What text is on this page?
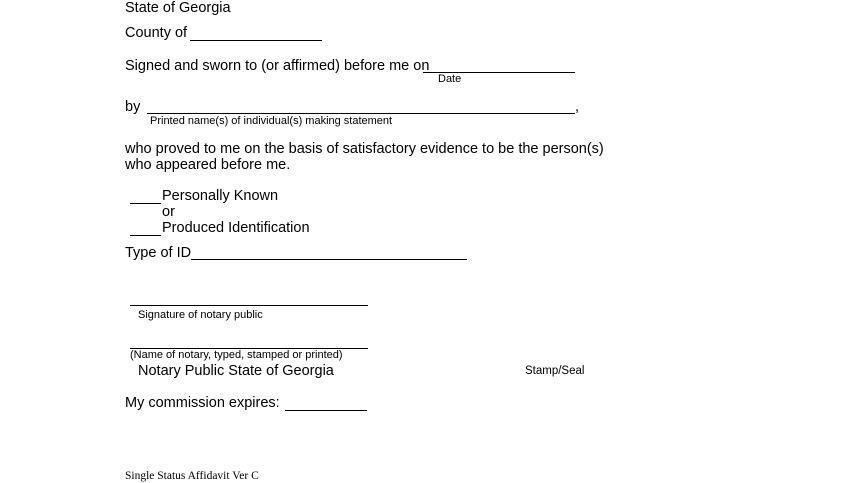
State of Georgia
County of
Signed and sworn to (or affirmed) before me on
Date
by	,
Printed name(s) of individual(s) making statement
who proved to me on the basis of satisfactory evidence to be the person(s)
who appeared before me.
Personally Known
or
Produced Identification
Type of ID
Signature of notary public
(Name of notary, typed, stamped or printed)
Notary Public State of Georgia	Stamp/Seal
My commission expires:
Single Status Affidavit Ver C
